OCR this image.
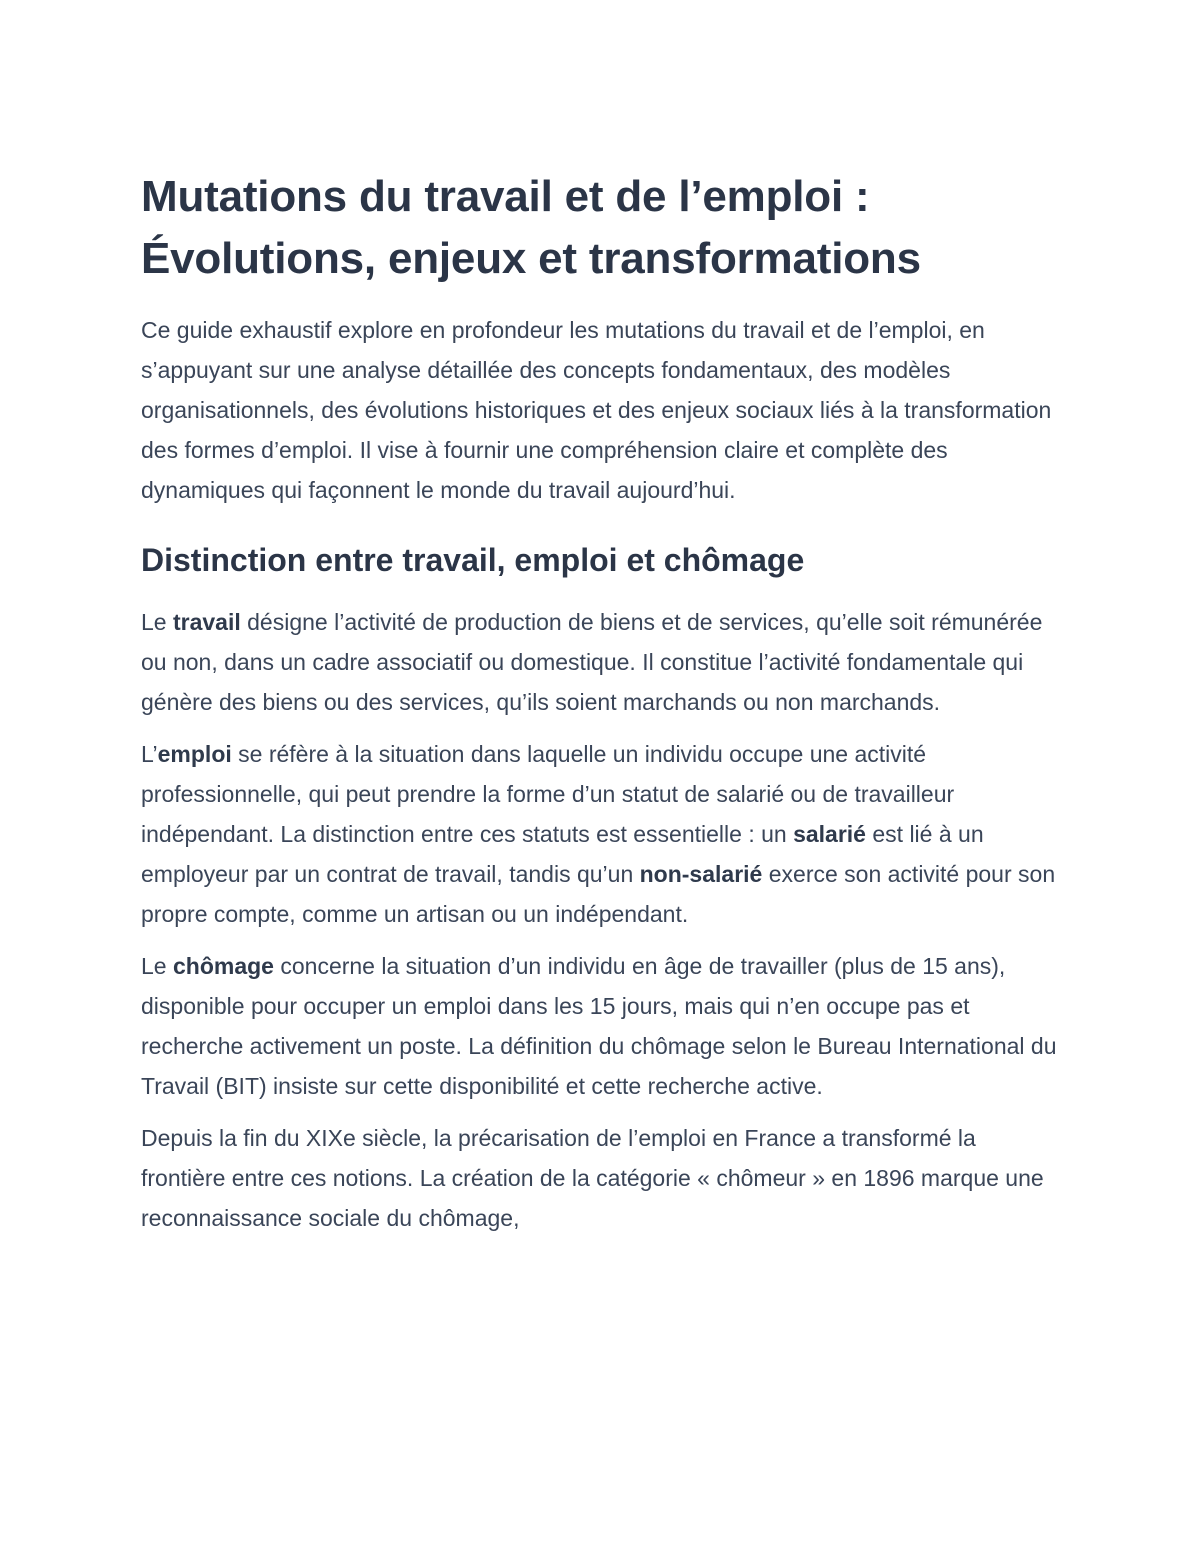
Mutations du travail et de l’emploi :
Évolutions, enjeux et transformations

Ce guide exhaustif explore en profondeur les mutations du travail et de l’emploi, en s’appuyant sur une analyse détaillée des concepts fondamentaux, des modèles organisationnels, des évolutions historiques et des enjeux sociaux liés à la transformation des formes d’emploi. Il vise à fournir une compréhension claire et complète des dynamiques qui façonnent le monde du travail aujourd’hui.

Distinction entre travail, emploi et chômage

Le travail désigne l’activité de production de biens et de services, qu’elle soit rémunérée ou non, dans un cadre associatif ou domestique. Il constitue l’activité fondamentale qui génère des biens ou des services, qu’ils soient marchands ou non marchands.

L’emploi se réfère à la situation dans laquelle un individu occupe une activité professionnelle, qui peut prendre la forme d’un statut de salarié ou de travailleur indépendant. La distinction entre ces statuts est essentielle : un salarié est lié à un employeur par un contrat de travail, tandis qu’un non-salarié exerce son activité pour son propre compte, comme un artisan ou un indépendant.

Le chômage concerne la situation d’un individu en âge de travailler (plus de 15 ans), disponible pour occuper un emploi dans les 15 jours, mais qui n’en occupe pas et recherche activement un poste. La définition du chômage selon le Bureau International du Travail (BIT) insiste sur cette disponibilité et cette recherche active.

Depuis la fin du XIXe siècle, la précarisation de l’emploi en France a transformé la frontière entre ces notions. La création de la catégorie « chômeur » en 1896 marque une reconnaissance sociale du chômage,
